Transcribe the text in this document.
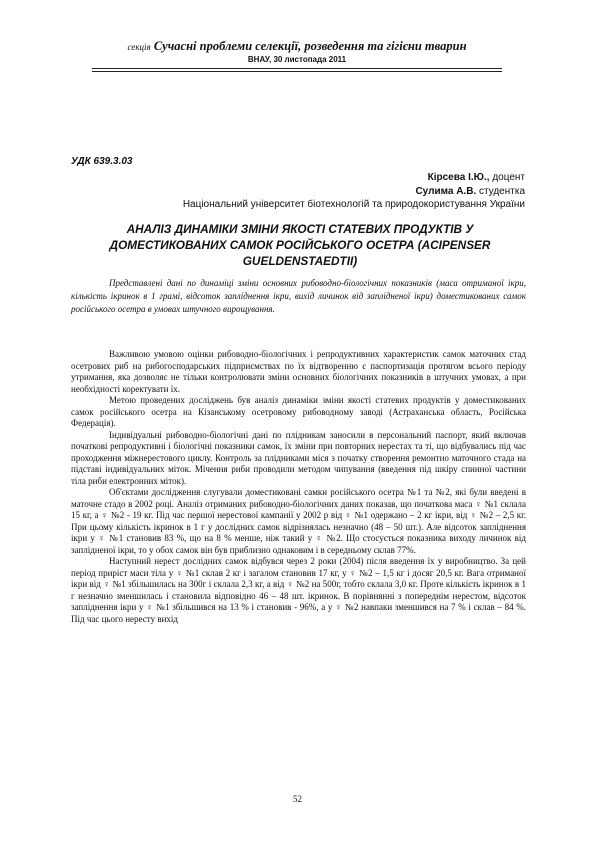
секція Сучасні проблеми селекції, розведення та гігієни тварин
ВНАУ, 30 листопада 2011
УДК 639.3.03
Кірсева І.Ю., доцент
Сулима А.В. студентка
Національний університет біотехнологій та природокористування України
АНАЛІЗ ДИНАМІКИ ЗМІНИ ЯКОСТІ СТАТЕВИХ ПРОДУКТІВ У ДОМЕСТИКОВАНИХ САМОК РОСІЙСЬКОГО ОСЕТРА (ACIPENSER GUELDENSTAEDTII)
Представлені дані по динаміці зміни основних рибоводно-біологічних показників (маса отриманої ікри, кількість ікринок в 1 грамі, відсоток запліднення ікри, вихід личинок від заплідненої ікри) доместикованих самок російського осетра в умовах штучного вирощування.

Важливою умовою оцінки рибоводно-біологічних і репродуктивних характеристик самок маточних стад осетрових риб на рибогосподарських підприємствах по їх відтворенню є паспортизація протягом всього періоду утримання, яка дозволяє не тільки контролювати зміни основних біологічних показників в штучних умовах, а при необхідності коректувати їх.

Метою проведених досліджень був аналіз динаміки зміни якості статевих продуктів у доместикованих самок російського осетра на Кізанському осетровому рибоводному заводі (Астраханська область, Російська Федерація).

Індивідуальні рибоводно-біологічні дані по плідникам заносили в персональний паспорт, який включав початкові репродуктивні і біологічні показники самок, їх зміни при повторних нерестах та ті, що відбувались під час проходження міжнерестового циклу. Контроль за плідниками міся з початку створення ремонтно маточного стада на підставі індивідуальних міток. Мічення риби проводили методом чипування (введення під шкіру спинної частини тіла риби електронних міток).

Об'єктами дослідження слугували доместиковані самки російського осетра №1 та №2, які були введені в маточне стадо в 2002 році. Аналіз отриманих рибоводно-біологічних даних показав, що початкова маса ♀ №1 склала 15 кг, а ♀ №2 - 19 кг. Під час першої нерестової кампанії у 2002 р від ♀ №1 одержано – 2 кг ікри, від ♀ №2 – 2,5 кг. При цьому кількість ікринок в 1 г у дослідних самок відрізнялась незначно (48 – 50 шт.). Але відсоток запліднення ікри у ♀ №1 становив 83 %, що на 8 % менше, ніж такий у ♀ №2. Що стосується показника виходу личинок від заплідненої ікри, то у обох самок він був приблизно однаковим і в середньому склав 77%.

Наступний нерест дослідних самок відбувся через 2 роки (2004) після введення їх у виробництво. За цей період приріст маси тіла у ♀ №1 склав 2 кг і загалом становив 17 кг, у ♀ №2 – 1,5 кг і досяг 20,5 кг. Вага отриманої ікри від ♀ №1 збільшилась на 300г і склала 2,3 кг, а від ♀ №2 на 500г, тобто склала 3,0 кг. Проте кількість ікринок в 1 г незначно зменшилась і становила відповідно 46 – 48 шт. ікринок. В порівнянні з попереднім нерестом, відсоток запліднення ікри у ♀ №1 збільшився на 13 % і становив - 96%, а у ♀ №2 навпаки зменшився на 7 % і склав – 84 %. Під час цього нересту вихід

52
